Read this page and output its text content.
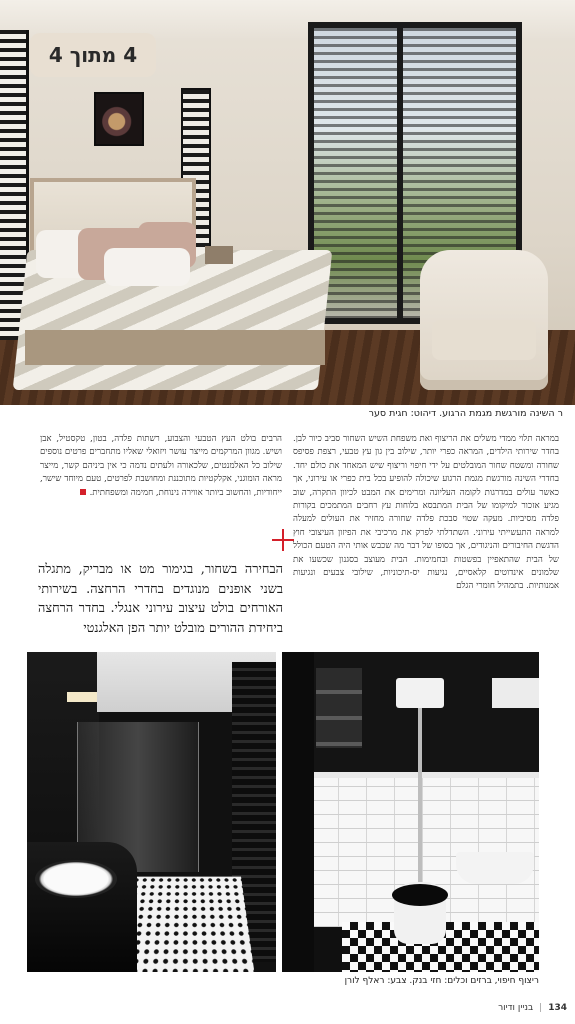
4 מתוך 4
ר השינה מורגשת מגמת הרגוע. דיהוט: חגית סער
במראה תלוי ממדי משלים את הריצוף ואת משפחת השיש השחור סביב כיור לבן. בחדר שירותי הילדים, המראה כפרי יותר, שילוב בין גון עץ טבעי, רצפת פסיפס שחורה ומשטח שחור המובלטים על ידי חיפוי וריצוף שיש המאחד את כולם יחד. בחדרי השינה מורגשת מגמת הרגוע שיכולה להופיע בכל בית כפרי או עירוני, אך כאשר עולים במדרגות לקומה העליונה ומרימים את המבט לכיוון התקרה, שוב מגיע אזכור למיקומו של הבית המתבסא בלוחות עץ רחבים המתמכים בקורות פלדה מסיביות. מעקה שטוי סבכת פלדה שחורה מחזיר את העולים למעלה למראה התעשייתי עירוני. השתדלתי לפרק את מרכיבי את הפיזון העיצובי חוץ הדגשת החיבורים והניגודים, אך בסופו של דבר מה שכבש אותי היה הטעם הכולל של הבית שהתאפיין בפשטות ובחמימות. הבית מעוצב בסגנון שכשעו את שלמונים אינדוטים קלאסיים, נגיעות יס-תיכוניות, שילובי צבעים ונגיעות אמנותיות. בתמהיל חומרי הגלם
הרבים בולט העץ הטבעי והצבוע, רשתות פלדה, בטון, טקסטיל, אבן ושיש. מגוון המרקמים מייצר עושר ויזואלי שאליו מתחברים פרטים נוספים שילוב כל האלמנטים, שלכאורה ולעתים נדמה כי אין ביניהם קשר, מייצר מראה הומוגני, אקלקטיות מתוכננת ומחושבת לפרטים, טעם מיוחד שישר, ייחודיות, והחשוב ביותר אווירה נינוחת, חמימה ומשפחתית.
הבחירה בשחור, בגימור מט או מבריק, מתגלה בשני אופנים מנוגדים בחדרי הרחצה. בשירותי האורחים בולט עיצוב עירוני אנגלי. בחדר הרחצה ביחידת ההורים מובלט יותר הפן האלגנטי
ריצוף חיפוי, ברזים וכלים: חזי בנק. צבע: ראלף לורן
134
|
בניין ודיור
